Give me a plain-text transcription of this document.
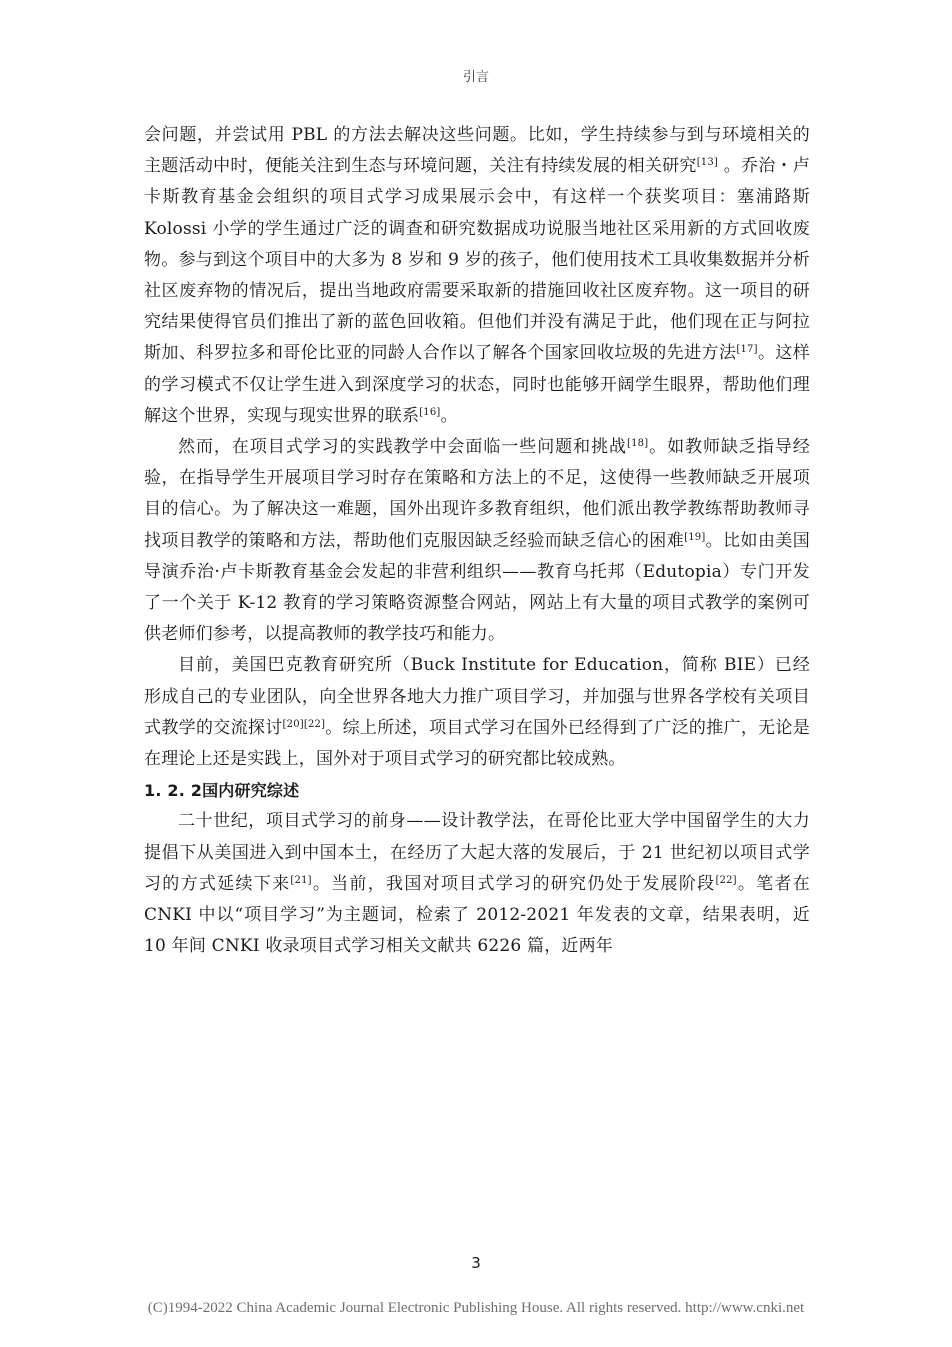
引言

会问题，并尝试用 PBL 的方法去解决这些问题。比如，学生持续参与到与环境相关的主题活动中时，便能关注到生态与环境问题，关注有持续发展的相关研究[13] 。乔治・卢卡斯教育基金会组织的项目式学习成果展示会中，有这样一个获奖项目：塞浦路斯 Kolossi 小学的学生通过广泛的调查和研究数据成功说服当地社区采用新的方式回收废物。参与到这个项目中的大多为 8 岁和 9 岁的孩子，他们使用技术工具收集数据并分析社区废弃物的情况后，提出当地政府需要采取新的措施回收社区废弃物。这一项目的研究结果使得官员们推出了新的蓝色回收箱。但他们并没有满足于此，他们现在正与阿拉斯加、科罗拉多和哥伦比亚的同龄人合作以了解各个国家回收垃圾的先进方法[17]。这样的学习模式不仅让学生进入到深度学习的状态，同时也能够开阔学生眼界，帮助他们理解这个世界，实现与现实世界的联系[16]。

然而，在项目式学习的实践教学中会面临一些问题和挑战[18]。如教师缺乏指导经验，在指导学生开展项目学习时存在策略和方法上的不足，这使得一些教师缺乏开展项目的信心。为了解决这一难题，国外出现许多教育组织，他们派出教学教练帮助教师寻找项目教学的策略和方法，帮助他们克服因缺乏经验而缺乏信心的困难[19]。比如由美国导演乔治·卢卡斯教育基金会发起的非营利组织——教育乌托邦（Edutopia）专门开发了一个关于 K-12 教育的学习策略资源整合网站，网站上有大量的项目式教学的案例可供老师们参考，以提高教师的教学技巧和能力。

目前，美国巴克教育研究所（Buck Institute for Education，简称 BIE）已经形成自己的专业团队，向全世界各地大力推广项目学习，并加强与世界各学校有关项目式教学的交流探讨[20][22]。综上所述，项目式学习在国外已经得到了广泛的推广，无论是在理论上还是实践上，国外对于项目式学习的研究都比较成熟。

1. 2. 2国内研究综述

二十世纪，项目式学习的前身——设计教学法，在哥伦比亚大学中国留学生的大力提倡下从美国进入到中国本土，在经历了大起大落的发展后，于 21 世纪初以项目式学习的方式延续下来[21]。当前，我国对项目式学习的研究仍处于发展阶段[22]。笔者在 CNKI 中以“项目学习”为主题词，检索了 2012-2021 年发表的文章，结果表明，近 10 年间 CNKI 收录项目式学习相关文献共 6226 篇，近两年

3
(C)1994-2022 China Academic Journal Electronic Publishing House. All rights reserved. http://www.cnki.net
